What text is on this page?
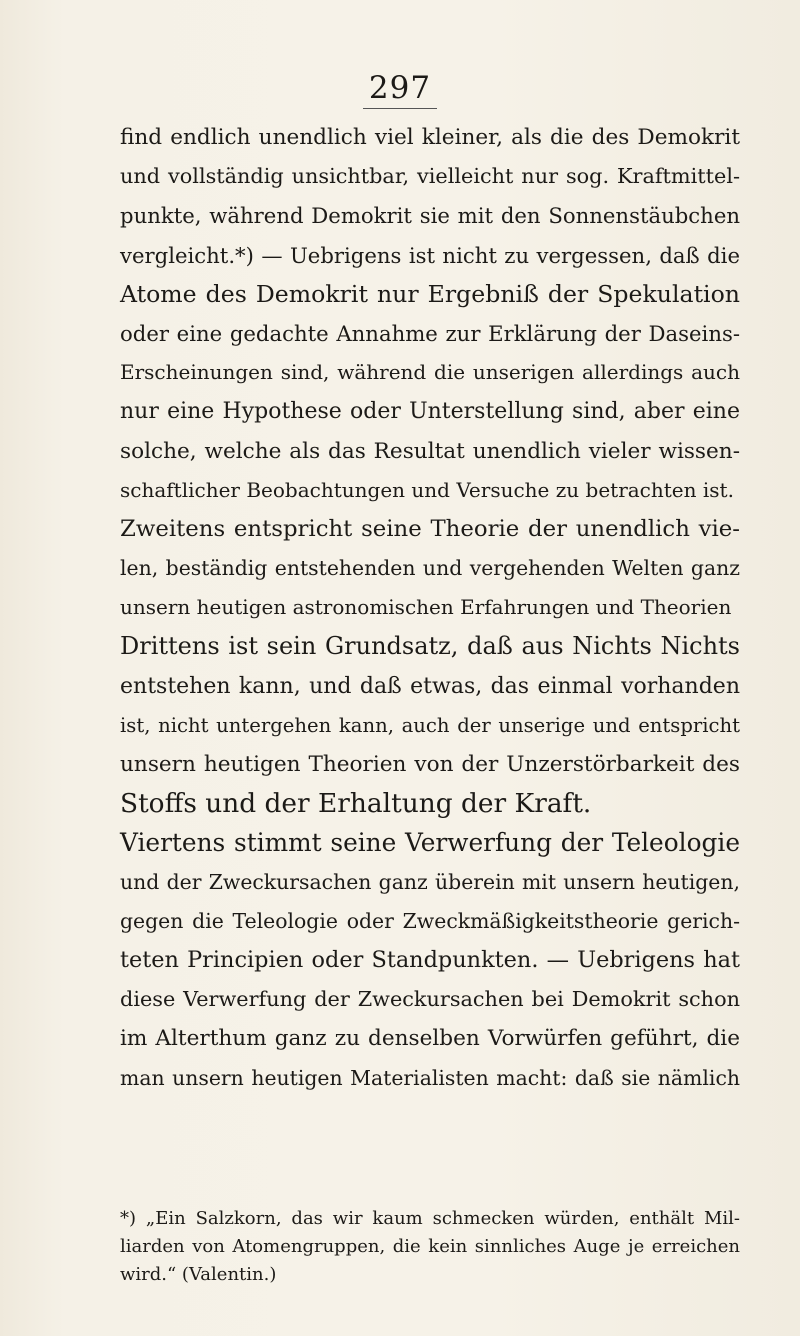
297
find endlich unendlich viel kleiner, als die des Demokrit
und vollständig unsichtbar, vielleicht nur sog. Kraftmittel-
punkte, während Demokrit sie mit den Sonnenstäubchen
vergleicht.*) — Uebrigens ist nicht zu vergessen, daß die
Atome des Demokrit nur Ergebniß der Spekulation
oder eine gedachte Annahme zur Erklärung der Daseins-
Erscheinungen sind, während die unserigen allerdings auch
nur eine Hypothese oder Unterstellung sind, aber eine
solche, welche als das Resultat unendlich vieler wissen-
schaftlicher Beobachtungen und Versuche zu betrachten ist.
Zweitens entspricht seine Theorie der unendlich vie-
len, beständig entstehenden und vergehenden Welten ganz
unsern heutigen astronomischen Erfahrungen und Theorien
Drittens ist sein Grundsatz, daß aus Nichts Nichts
entstehen kann, und daß etwas, das einmal vorhanden
ist, nicht untergehen kann, auch der unserige und entspricht
unsern heutigen Theorien von der Unzerstörbarkeit des
Stoffs und der Erhaltung der Kraft.
Viertens stimmt seine Verwerfung der Teleologie
und der Zweckursachen ganz überein mit unsern heutigen,
gegen die Teleologie oder Zweckmäßigkeitstheorie gerich-
teten Principien oder Standpunkten. — Uebrigens hat
diese Verwerfung der Zweckursachen bei Demokrit schon
im Alterthum ganz zu denselben Vorwürfen geführt, die
man unsern heutigen Materialisten macht: daß sie nämlich
*) „Ein Salzkorn, das wir kaum schmecken würden, enthält Mil-
liarden von Atomengruppen, die kein sinnliches Auge je erreichen
wird.“ (Valentin.)
